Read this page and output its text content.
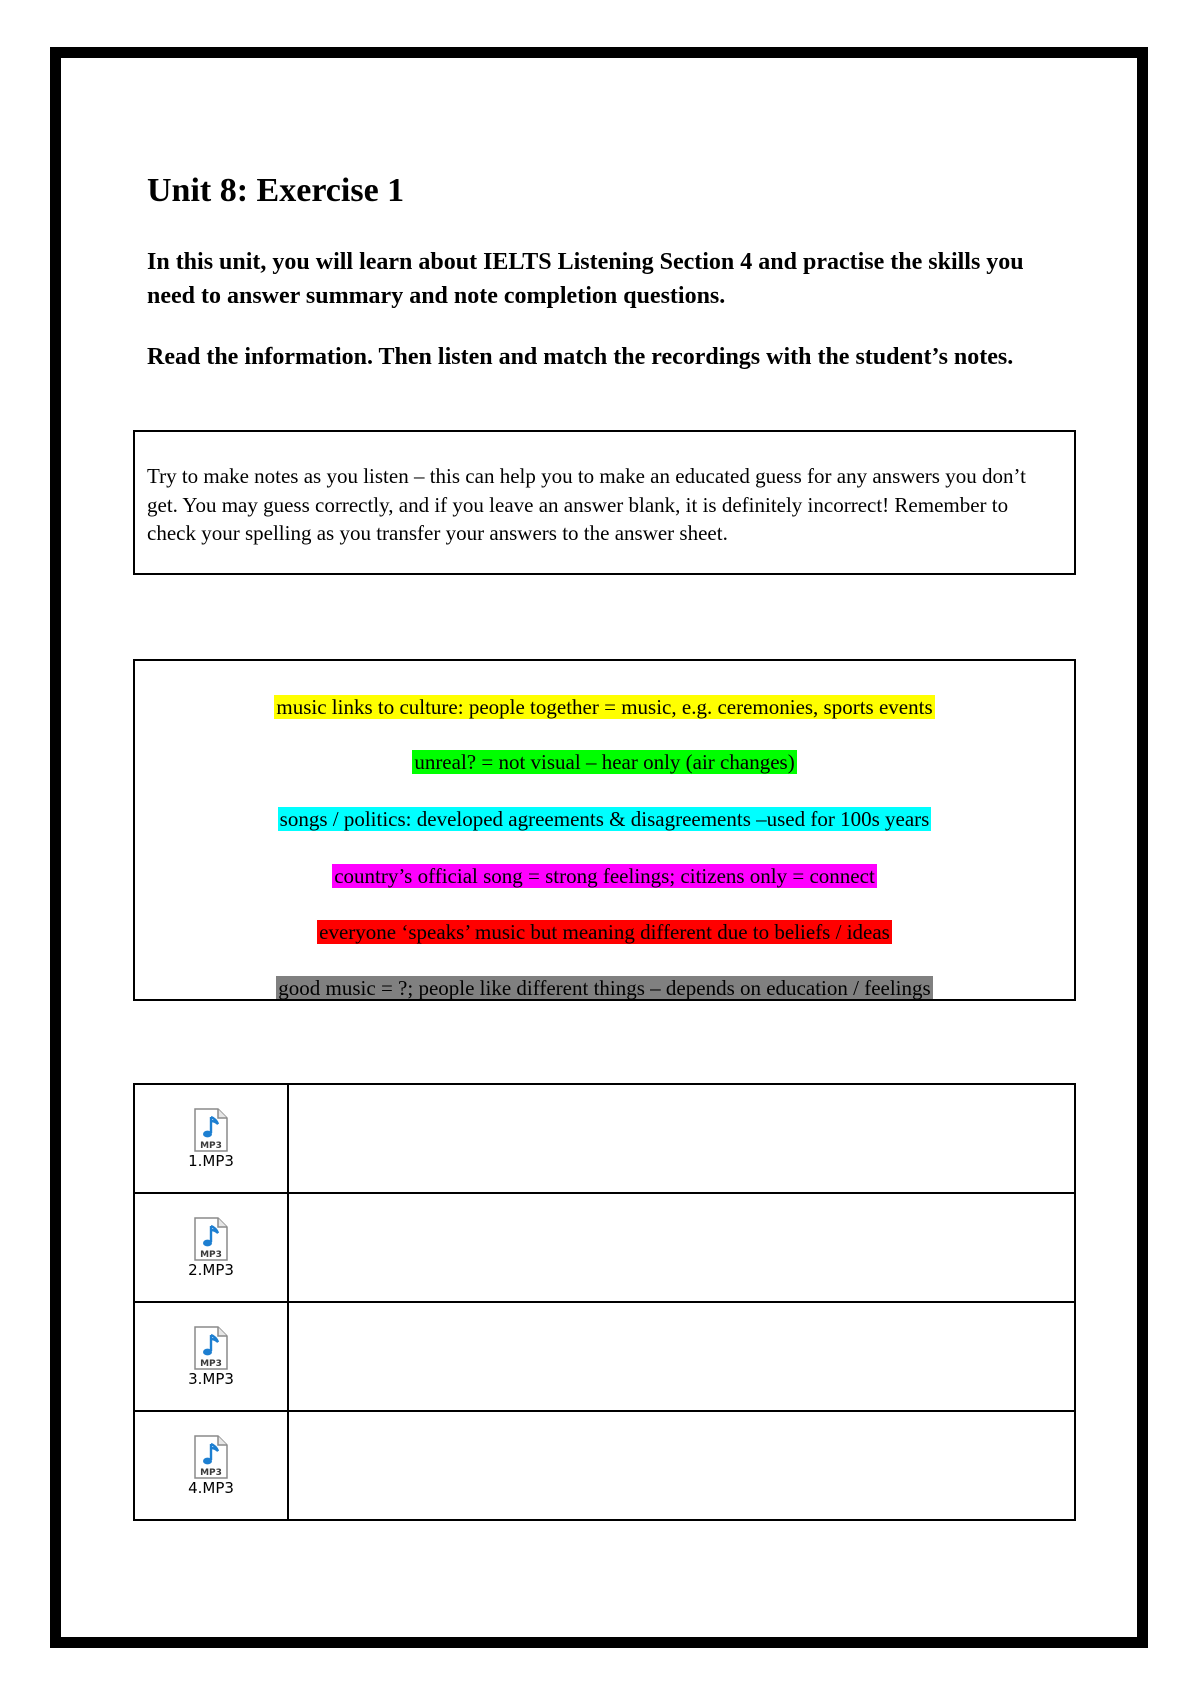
Unit 8: Exercise 1

In this unit, you will learn about IELTS Listening Section 4 and practise the skills you need to answer summary and note completion questions.

Read the information. Then listen and match the recordings with the student’s notes.

Try to make notes as you listen – this can help you to make an educated guess for any answers you don’t get. You may guess correctly, and if you leave an answer blank, it is definitely incorrect! Remember to check your spelling as you transfer your answers to the answer sheet.
music links to culture: people together = music, e.g. ceremonies, sports events
unreal? = not visual – hear only (air changes)
songs / politics: developed agreements & disagreements –used for 100s years
country’s official song = strong feelings; citizens only = connect
everyone ‘speaks’ music but meaning different due to beliefs / ideas
good music = ?; people like different things – depends on education / feelings
MP3
1.MP3	

MP3
2.MP3	

MP3
3.MP3	

MP3
4.MP3	
